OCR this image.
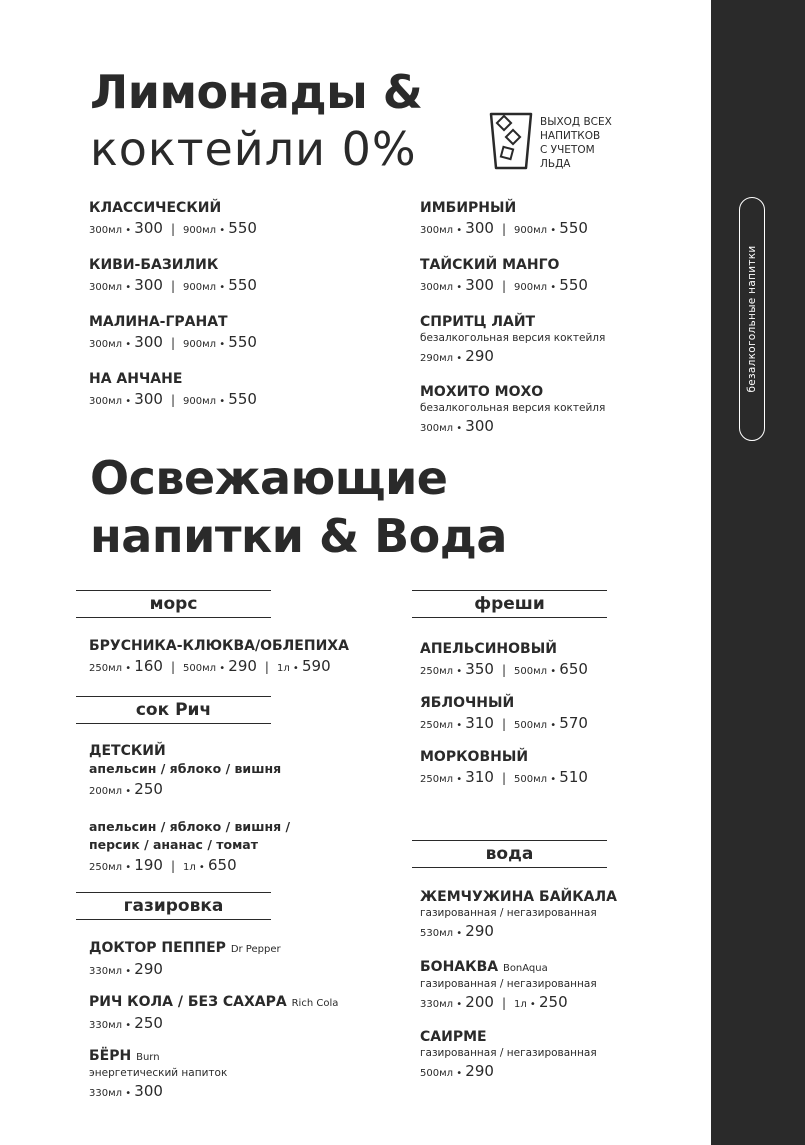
безалкогольные напитки
Лимонады &
коктейли 0%	ВЫХОД ВСЕХ
НАПИТКОВ
С УЧЕТОМ
ЛЬДА
КЛАССИЧЕСКИЙ
300мл • 300 | 900мл • 550
КИВИ-БАЗИЛИК
300мл • 300 | 900мл • 550
МАЛИНА-ГРАНАТ
300мл • 300 | 900мл • 550
НА АНЧАНЕ
300мл • 300 | 900мл • 550
ИМБИРНЫЙ
300мл • 300 | 900мл • 550
ТАЙСКИЙ МАНГО
300мл • 300 | 900мл • 550
СПРИТЦ ЛАЙТ
безалкогольная версия коктейля
290мл • 290
МОХИТО МОХО
безалкогольная версия коктейля
300мл • 300
Освежающие
напитки & Вода
морс
БРУСНИКА-КЛЮКВА/ОБЛЕПИХА
250мл • 160 | 500мл • 290 | 1л • 590
сок Рич
ДЕТСКИЙ
апельсин / яблоко / вишня
200мл • 250
апельсин / яблоко / вишня /
персик / ананас / томат
250мл • 190 | 1л • 650
газировка
ДОКТОР ПЕППЕР Dr Pepper
330мл • 290
РИЧ КОЛА / БЕЗ САХАРА Rich Cola
330мл • 250
БЁРН Burn
энергетический напиток
330мл • 300
фреши
АПЕЛЬСИНОВЫЙ
250мл • 350 | 500мл • 650
ЯБЛОЧНЫЙ
250мл • 310 | 500мл • 570
МОРКОВНЫЙ
250мл • 310 | 500мл • 510
вода
ЖЕМЧУЖИНА БАЙКАЛА
газированная / негазированная
530мл • 290
БОНАКВА BonAqua
газированная / негазированная
330мл • 200 | 1л • 250
САИРМЕ
газированная / негазированная
500мл • 290
